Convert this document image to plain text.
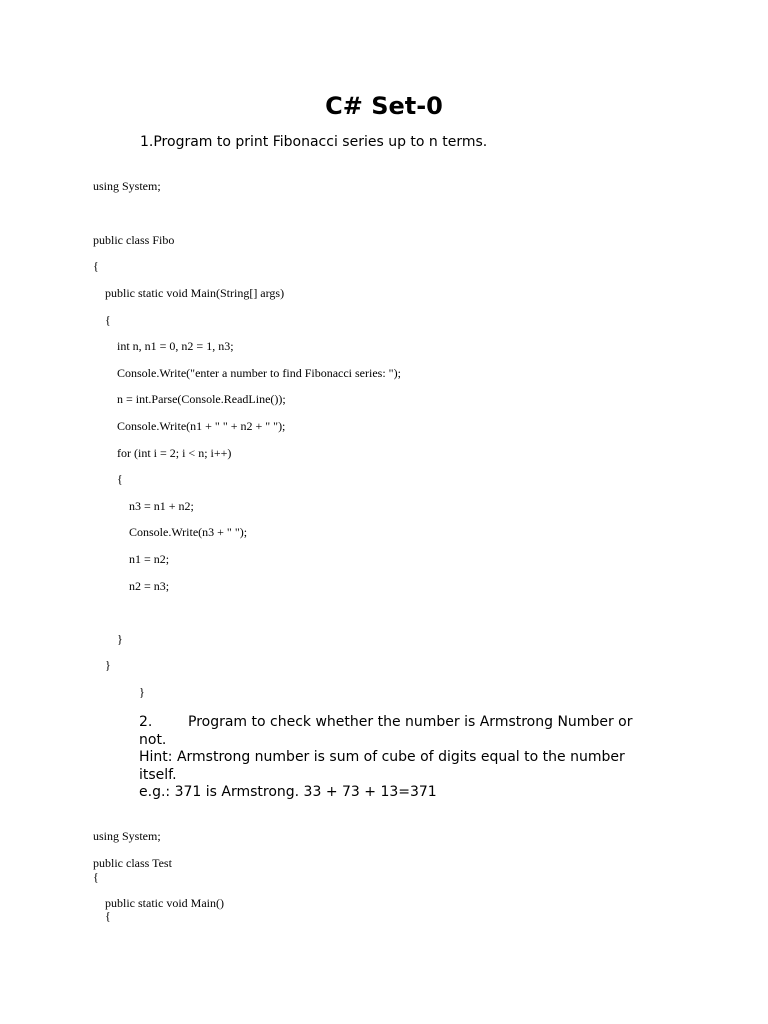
C# Set-0

1.Program to print Fibonacci series up to n terms.

using System;
public class Fibo
{
public static void Main(String[] args)
{
int n, n1 = 0, n2 = 1, n3;
Console.Write("enter a number to find Fibonacci series: ");
n = int.Parse(Console.ReadLine());
Console.Write(n1 + " " + n2 + " ");
for (int i = 2; i < n; i++)
{
n3 = n1 + n2;
Console.Write(n3 + " ");
n1 = n2;
n2 = n3;
}
}
}
2.	Program to check whether the number is Armstrong Number or
not.
Hint: Armstrong number is sum of cube of digits equal to the number
itself.
e.g.: 371 is Armstrong. 33 + 73 + 13=371
using System;
public class Test
{
public static void Main()
{
